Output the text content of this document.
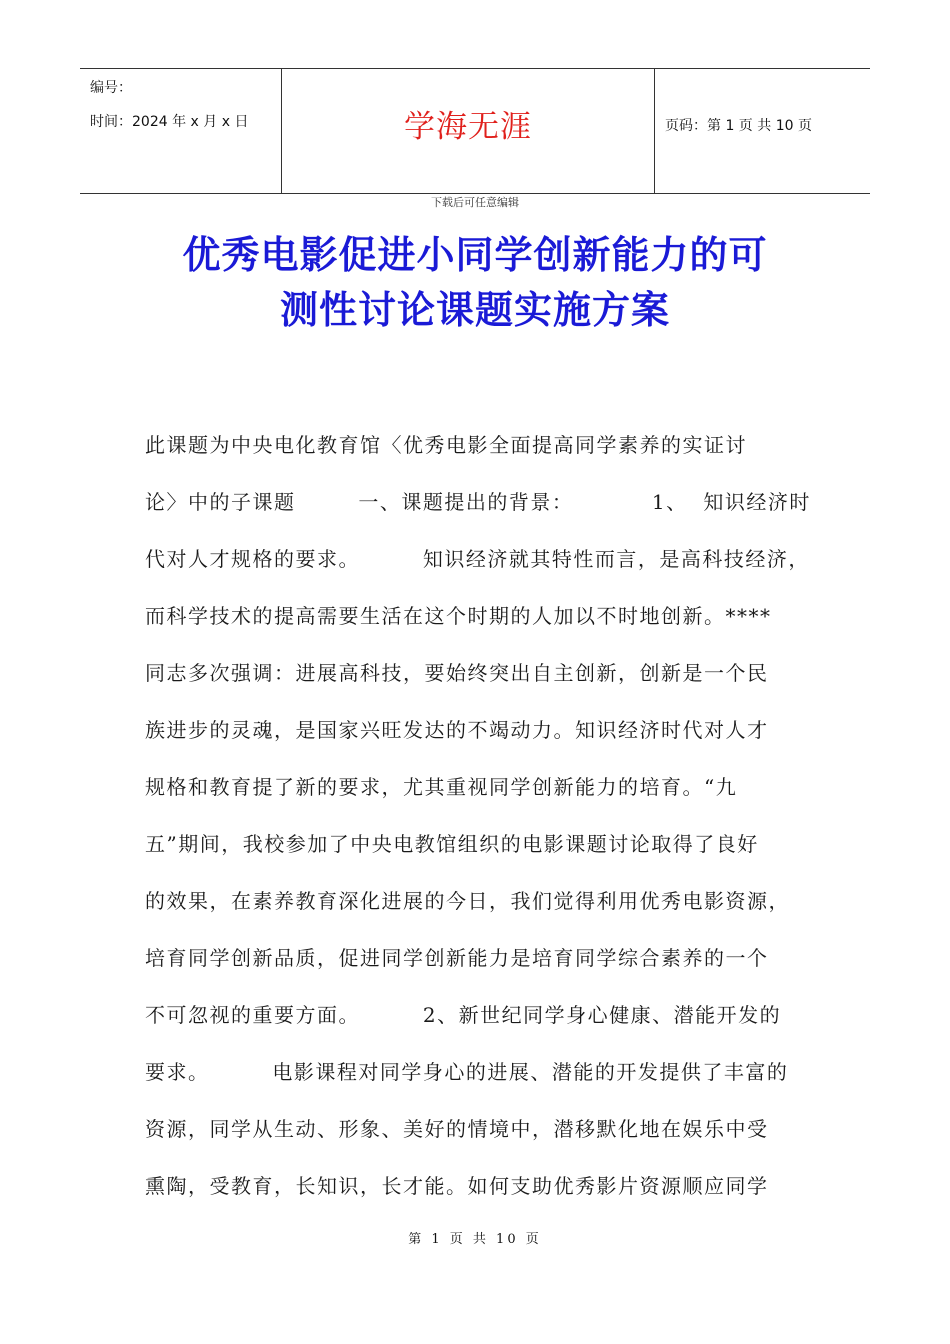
编号：
时间：2024 年 x 月 x 日	学海无涯	页码：第 1 页 共 10 页
下载后可任意编辑
优秀电影促进小同学创新能力的可
测性讨论课题实施方案
此课题为中央电化教育馆〈优秀电影全面提高同学素养的实证讨
论〉中的子课题        一、课题提出的背景：          1、  知识经济时
代对人才规格的要求。        知识经济就其特性而言，是高科技经济，
而科学技术的提高需要生活在这个时期的人加以不时地创新。****
同志多次强调：进展高科技，要始终突出自主创新，创新是一个民
族进步的灵魂，是国家兴旺发达的不竭动力。知识经济时代对人才
规格和教育提了新的要求，尤其重视同学创新能力的培育。“九
五”期间，我校参加了中央电教馆组织的电影课题讨论取得了良好
的效果，在素养教育深化进展的今日，我们觉得利用优秀电影资源，
培育同学创新品质，促进同学创新能力是培育同学综合素养的一个
不可忽视的重要方面。        2、新世纪同学身心健康、潜能开发的
要求。        电影课程对同学身心的进展、潜能的开发提供了丰富的
资源，同学从生动、形象、美好的情境中，潜移默化地在娱乐中受
熏陶，受教育，长知识，长才能。如何支助优秀影片资源顺应同学
第 1 页 共 10 页
